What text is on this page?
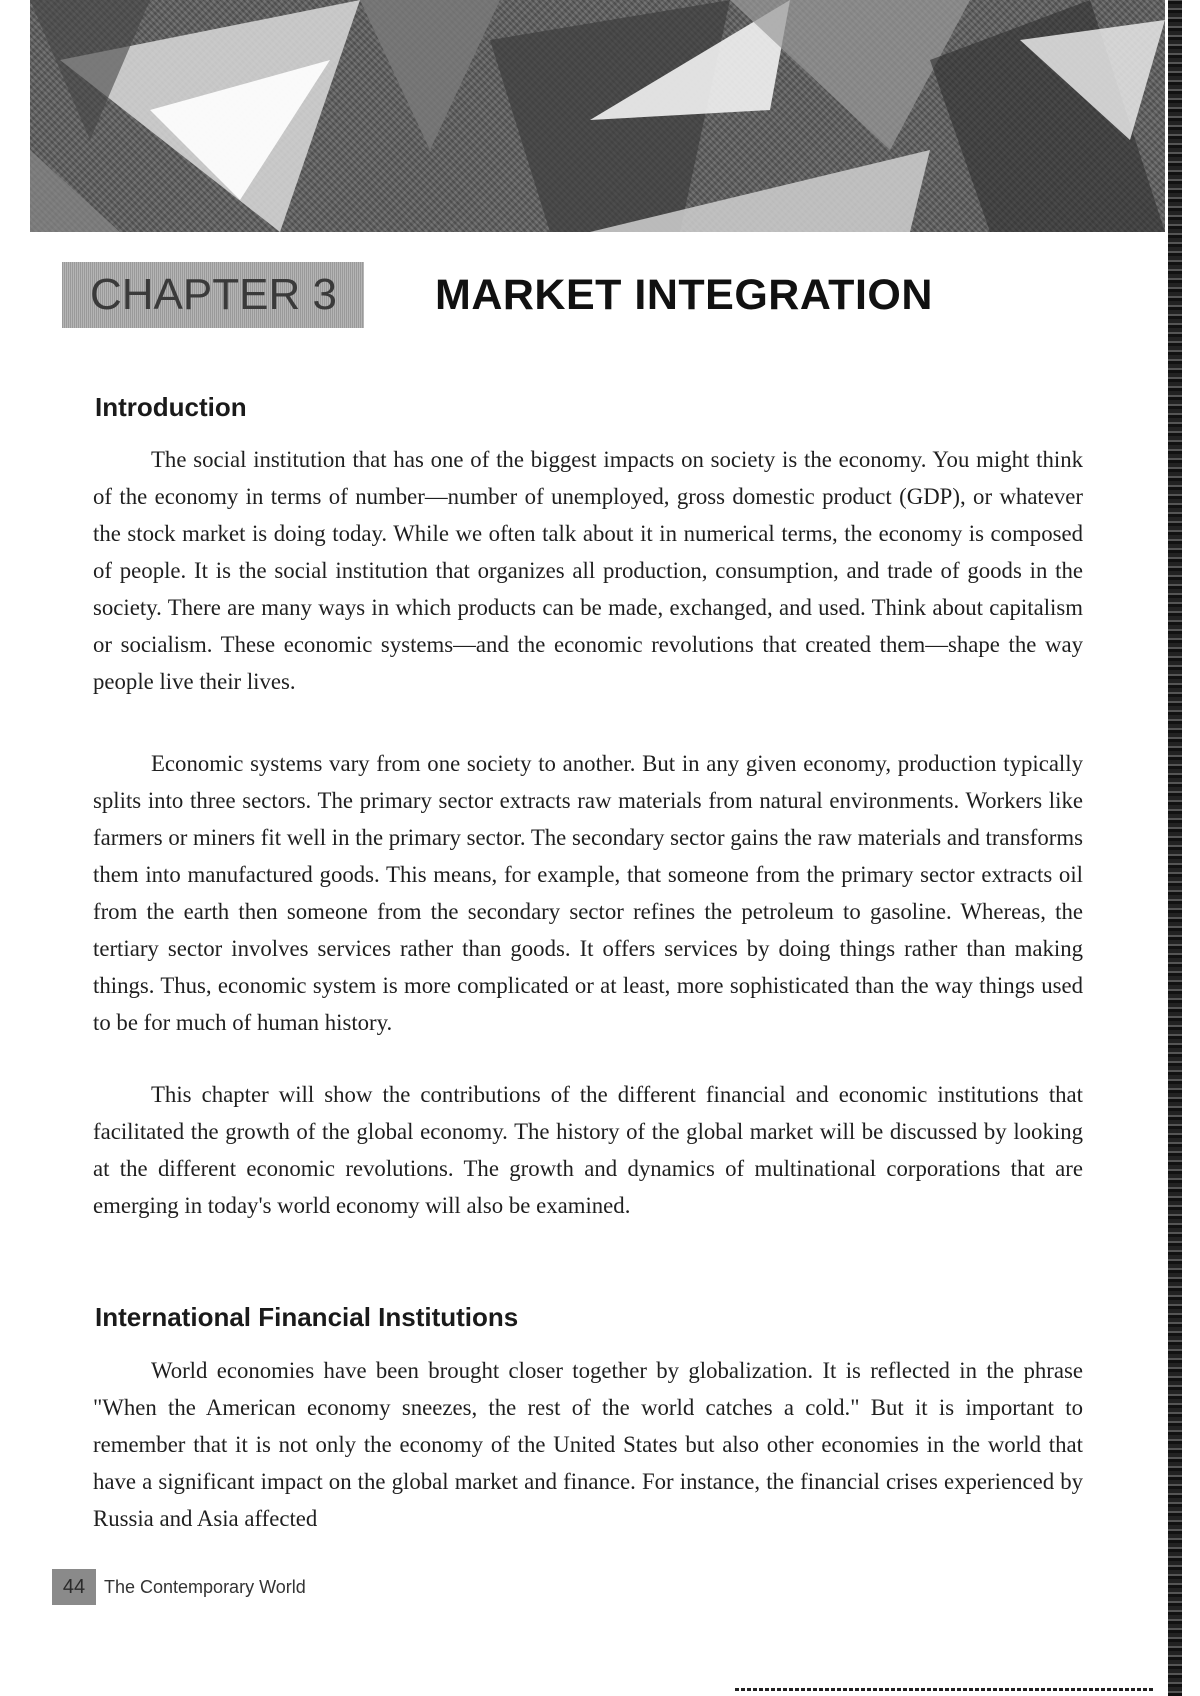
CHAPTER 3	MARKET INTEGRATION
Introduction

The social institution that has one of the biggest impacts on society is the economy. You might think of the economy in terms of number—number of unemployed, gross domestic product (GDP), or whatever the stock market is doing today. While we often talk about it in numerical terms, the economy is composed of people. It is the social institution that organizes all production, consumption, and trade of goods in the society. There are many ways in which products can be made, exchanged, and used. Think about capitalism or socialism. These economic systems—and the economic revolutions that created them—shape the way people live their lives.

Economic systems vary from one society to another. But in any given economy, production typically splits into three sectors. The primary sector extracts raw materials from natural environments. Workers like farmers or miners fit well in the primary sector. The secondary sector gains the raw materials and transforms them into manufactured goods. This means, for example, that someone from the primary sector extracts oil from the earth then someone from the secondary sector refines the petroleum to gasoline. Whereas, the tertiary sector involves services rather than goods. It offers services by doing things rather than making things. Thus, economic system is more complicated or at least, more sophisticated than the way things used to be for much of human history.

This chapter will show the contributions of the different financial and economic institutions that facilitated the growth of the global economy. The history of the global market will be discussed by looking at the different economic revolutions. The growth and dynamics of multinational corporations that are emerging in today's world economy will also be examined.

International Financial Institutions

World economies have been brought closer together by globalization. It is reflected in the phrase "When the American economy sneezes, the rest of the world catches a cold." But it is important to remember that it is not only the economy of the United States but also other economies in the world that have a significant impact on the global market and finance. For instance, the financial crises experienced by Russia and Asia affected

44	The Contemporary World
